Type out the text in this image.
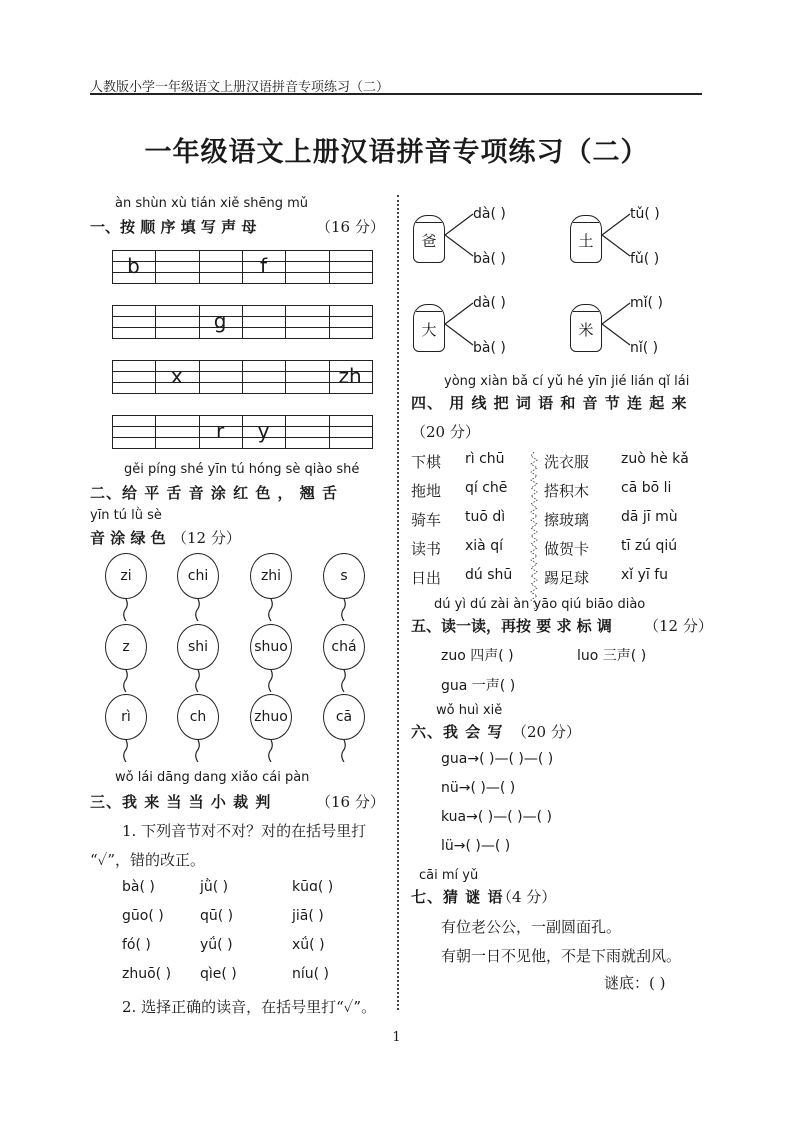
人教版小学一年级语文上册汉语拼音专项练习（二）
一年级语文上册汉语拼音专项练习（二）
àn shùn xù tián xiě shēng mǔ
一、按 顺 序 填 写 声 母	（16 分）
b	f
g
x	zh
r	y
gěi píng shé yīn tú hóng sè qiào shé
二、给 平 舌 音 涂 红 色 ， 翘 舌
yīn tú lǜ sè
音 涂 绿 色 （12 分）
zi	chi	zhi	s
z	shi	shuo	chá
rì	ch	zhuo	cā
wǒ lái dāng dang xiǎo cái pàn
三、我 来 当 当 小 裁 判	（16 分）
1. 下列音节对不对？对的在括号里打
“✓”，错的改正。
bà( )	jǜ( )	kūɑ( )
gūo( )	qū( )	jiā( )
fó( )	yǘ( )	xǘ( )
zhuō( ) qìe( )	níu( )
2. 选择正确的读音，在括号里打“✓”。
爸
dà( )
bà( )
土
tǔ( )
fǔ( )
大
dà( )
bà( )
米
mǐ( )
nǐ( )
yòng xiàn bǎ cí yǔ hé yīn jié lián qǐ lái
四、 用 线 把 词 语 和 音 节 连 起 来
（20 分）
下棋 rì chū	洗衣服 zuò hè kǎ
拖地 qí chē 搭积木 cā bō li
骑车 tuō dì	擦玻璃 dā jī mù
读书 xià qí	做贺卡 tī zú qiú
日出 dú shū 踢足球 xǐ yī fu
dú yì dú zài àn yāo qiú biāo diào
五、读一读，再按 要 求 标 调 （12 分）
zuo 四声( )	luo 三声( )
gua 一声( )
wǒ huì xiě
六、我 会 写 （20 分）
gua→( )—( )—( )
nü→( )—( )
kua→( )—( )—( )
lü→( )—( )
cāi mí yǔ
七、猜 谜 语
（4 分）
有位老公公，一副圆面孔。
有朝一日不见他，不是下雨就刮风。
谜底：( )
1
